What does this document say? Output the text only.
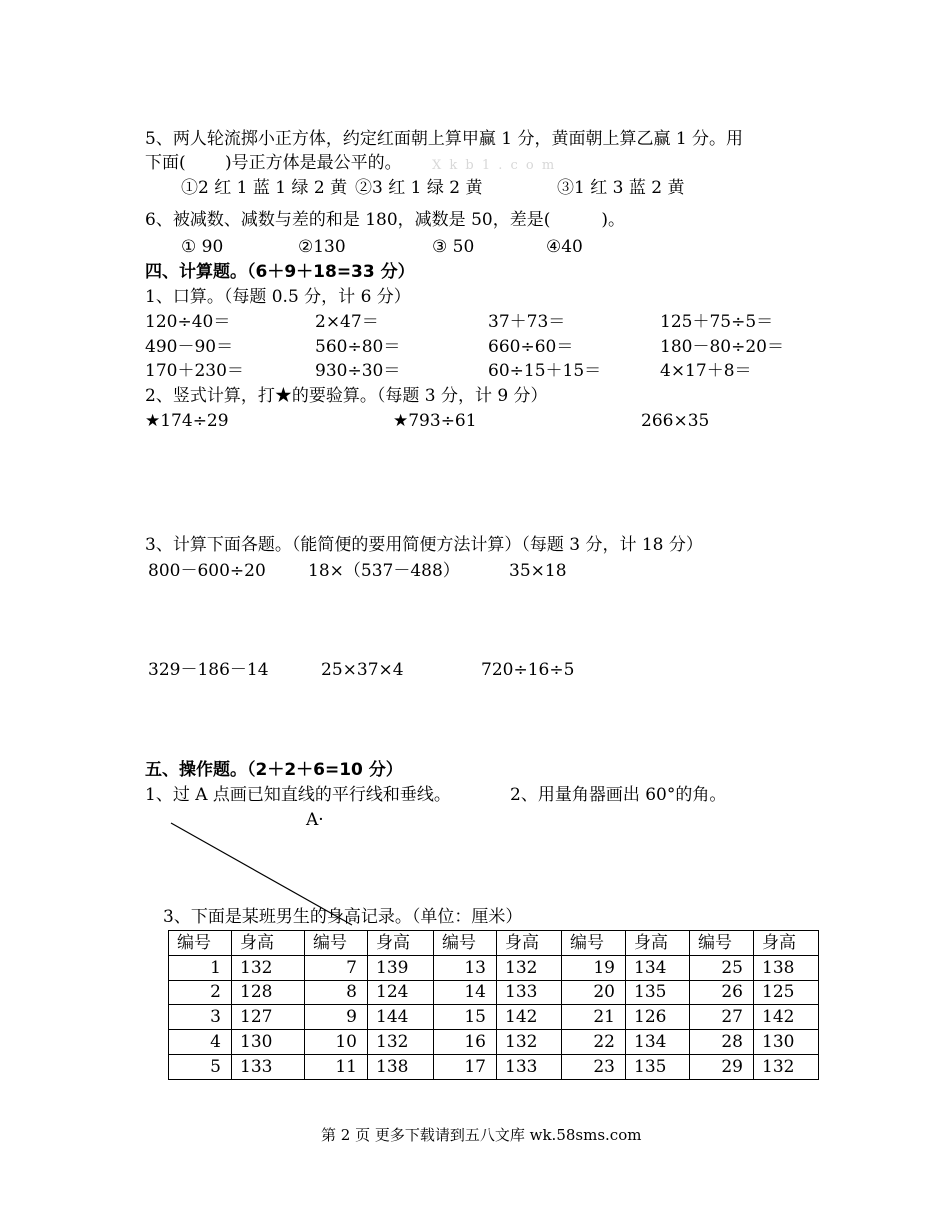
5、两人轮流掷小正方体，约定红面朝上算甲赢 1 分，黄面朝上算乙赢 1 分。用
下面(　　 )号正方体是最公平的。 X k b 1 . c o m
①2 红 1 蓝 1 绿 2 黄 ②3 红 1 绿 2 黄	③1 红 3 蓝 2 黄
6、被减数、减数与差的和是 180，减数是 50，差是(　　　)。
① 90	②130	③ 50	④40
四、计算题。（6＋9＋18=33 分）
1、口算。（每题 0.5 分，计 6 分）
120÷40＝	2×47＝	37＋73＝	125＋75÷5＝
490－90＝	560÷80＝	660÷60＝	180－80÷20＝
170＋230＝	930÷30＝	60÷15＋15＝	4×17＋8＝
2、竖式计算，打★的要验算。（每题 3 分，计 9 分）
★174÷29	★793÷61	266×35
3、计算下面各题。（能简便的要用简便方法计算）（每题 3 分，计 18 分）
800－600÷20 18×（537－488）	35×18
329－186－14	25×37×4	720÷16÷5
五、操作题。（2＋2＋6=10 分）
1、过 A 点画已知直线的平行线和垂线。	2、用量角器画出 60°的角。
A·
3、下面是某班男生的身高记录。（单位：厘米）
编号	身高	编号	身高	编号	身高	编号	身高	编号	身高
1	132	7	139	13	132	19	134	25	138
2	128	8	124	14	133	20	135	26	125
3	127	9	144	15	142	21	126	27	142
4	130	10	132	16	132	22	134	28	130
5	133	11	138	17	133	23	135	29	132
第 2 页 更多下载请到五八文库 wk.58sms.com
